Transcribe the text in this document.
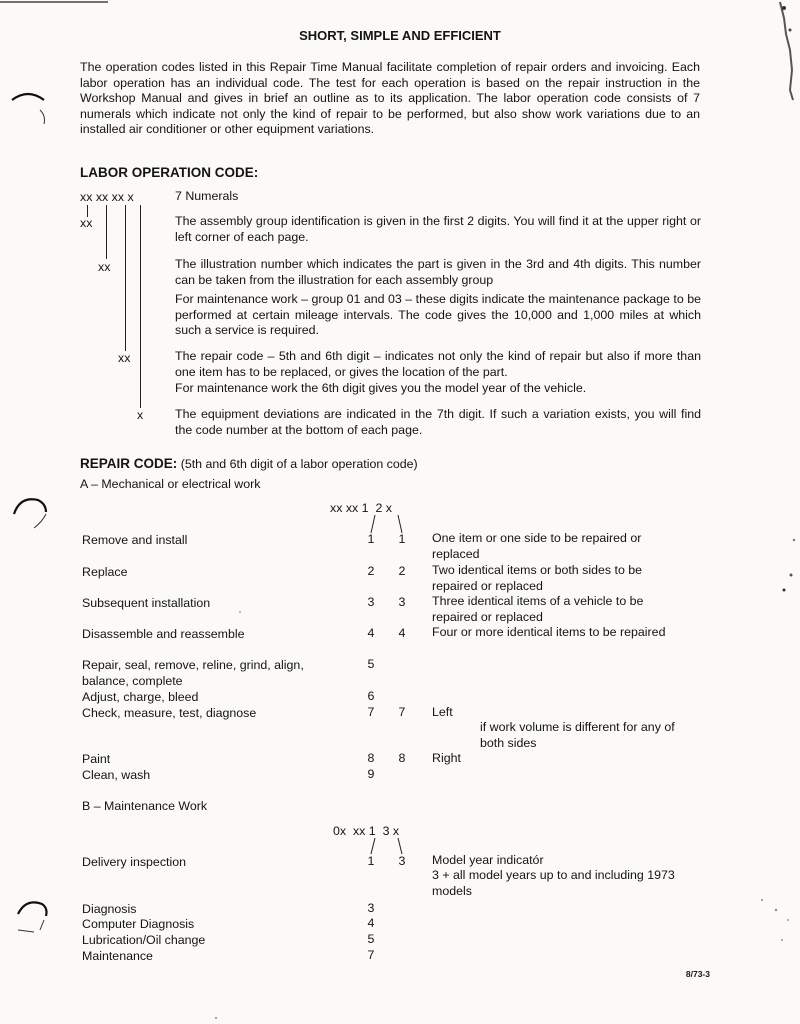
SHORT, SIMPLE AND EFFICIENT
The operation codes listed in this Repair Time Manual facilitate completion of repair orders and invoicing. Each labor operation has an individual code. The test for each operation is based on the repair instruction in the Workshop Manual and gives in brief an outline as to its application. The labor operation code consists of 7 numerals which indicate not only the kind of repair to be performed, but also show work variations due to an installed air conditioner or other equipment variations.
LABOR OPERATION CODE:
xx xx xx x	7 Numerals
xx
xx
xx
x
The assembly group identification is given in the first 2 digits. You will find it at the upper right or left corner of each page.
The illustration number which indicates the part is given in the 3rd and 4th digits. This number can be taken from the illustration for each assembly group
For maintenance work – group 01 and 03 – these digits indicate the maintenance package to be performed at certain mileage intervals. The code gives the 10,000 and 1,000 miles at which such a service is required.
The repair code – 5th and 6th digit – indicates not only the kind of repair but also if more than one item has to be replaced, or gives the location of the part.
For maintenance work the 6th digit gives you the model year of the vehicle.
The equipment deviations are indicated in the 7th digit. If such a variation exists, you will find the code number at the bottom of each page.
REPAIR CODE: (5th and 6th digit of a labor operation code)
A – Mechanical or electrical work
xx xx 1  2 x
Remove and install	1 1 One item or one side to be repaired or replaced
Replace	2 2 Two identical items or both sides to be repaired or replaced
Subsequent installation	3 3 Three identical items of a vehicle to be repaired or replaced
Disassemble and reassemble	4 4 Four or more identical items to be repaired
Repair, seal, remove, reline, grind, align, balance, complete
5
Adjust, charge, bleed	6
Check, measure, test, diagnose	7 7 Left
if work volume is different for any of both sides
Paint	8 8 Right
Clean, wash	9
B – Maintenance Work
0x  xx 1  3 x
Delivery inspection	1 3 Model year indicatór
3 + all model years up to and including 1973 models
Diagnosis	3
Computer Diagnosis	4
Lubrication/Oil change	5
Maintenance	7
8/73-3
